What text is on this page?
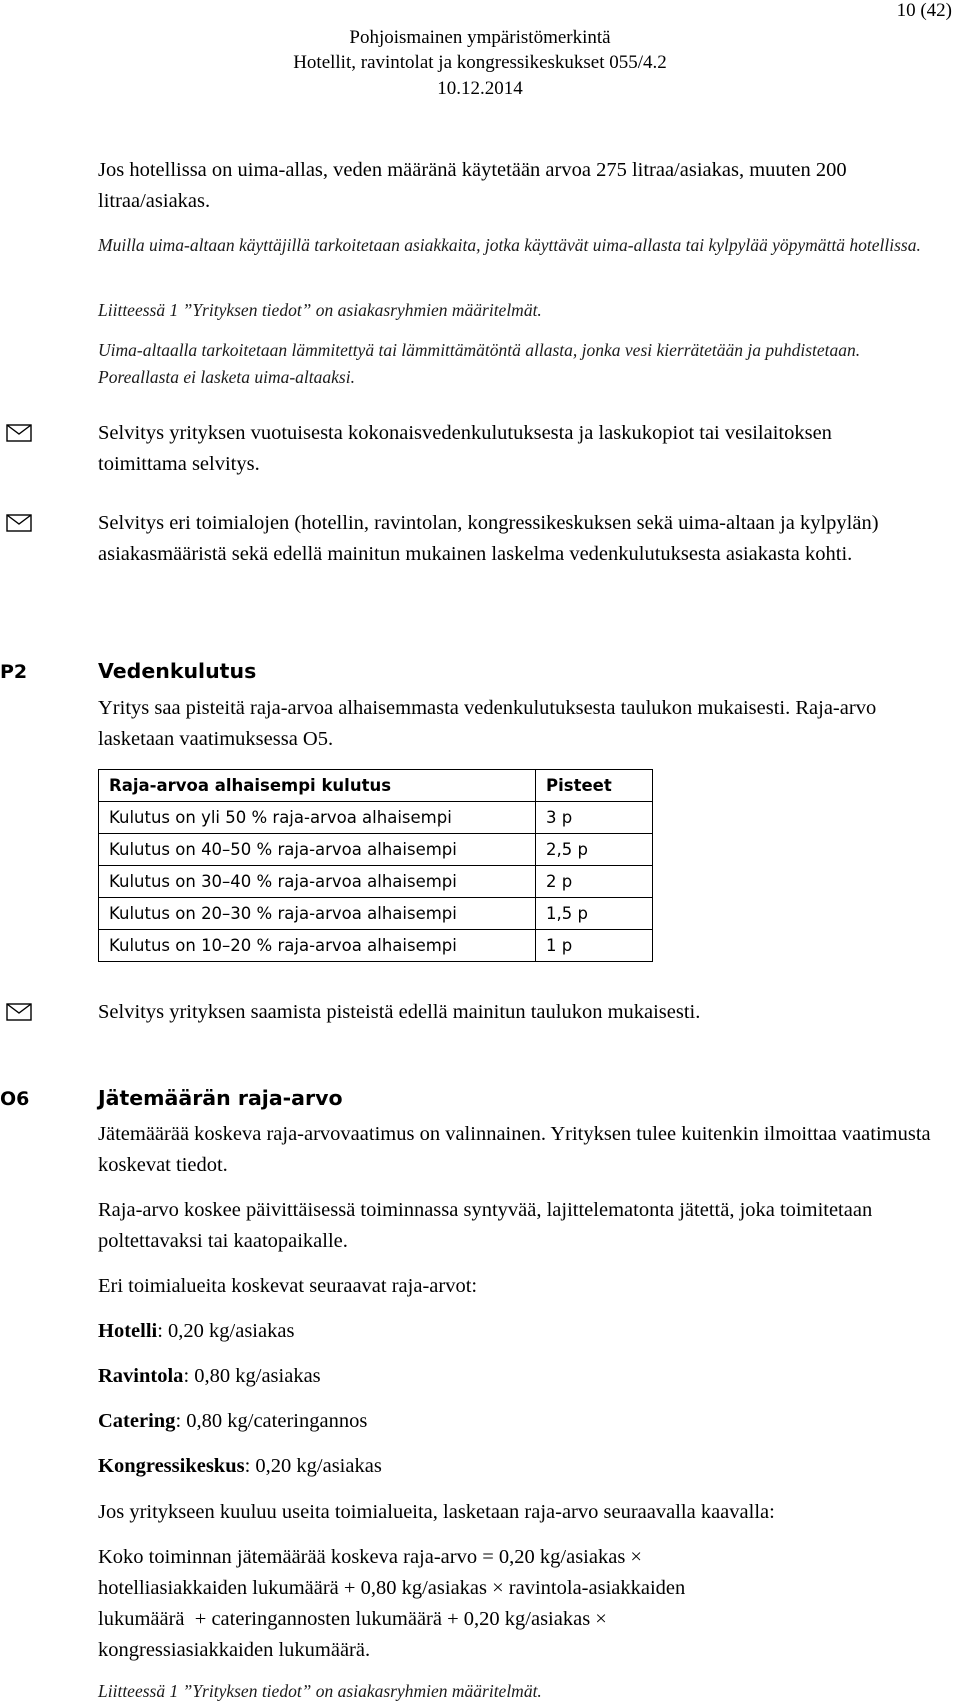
10 (42)
Pohjoismainen ympäristömerkintä
Hotellit, ravintolat ja kongressikeskukset 055/4.2
10.12.2014
Jos hotellissa on uima-allas, veden määränä käytetään arvoa 275 litraa/asiakas, muuten 200 litraa/asiakas.
Muilla uima-altaan käyttäjillä tarkoitetaan asiakkaita, jotka käyttävät uima-allasta tai kylpylää yöpymättä hotellissa.
Liitteessä 1 ”Yrityksen tiedot” on asiakasryhmien määritelmät.
Uima-altaalla tarkoitetaan lämmitettyä tai lämmittämätöntä allasta, jonka vesi kierrätetään ja puhdistetaan. Poreallasta ei lasketa uima-altaaksi.
Selvitys yrityksen vuotuisesta kokonaisvedenkulutuksesta ja laskukopiot tai vesilaitoksen toimittama selvitys.
Selvitys eri toimialojen (hotellin, ravintolan, kongressikeskuksen sekä uima-altaan ja kylpylän) asiakasmääristä sekä edellä mainitun mukainen laskelma vedenkulutuksesta asiakasta kohti.
P2	Vedenkulutus
Yritys saa pisteitä raja-arvoa alhaisemmasta vedenkulutuksesta taulukon mukaisesti. Raja-arvo lasketaan vaatimuksessa O5.
Raja-arvoa alhaisempi kulutus	Pisteet
Kulutus on yli 50 % raja-arvoa alhaisempi	3 p
Kulutus on 40–50 % raja-arvoa alhaisempi	2,5 p
Kulutus on 30–40 % raja-arvoa alhaisempi	2 p
Kulutus on 20–30 % raja-arvoa alhaisempi	1,5 p
Kulutus on 10–20 % raja-arvoa alhaisempi	1 p
Selvitys yrityksen saamista pisteistä edellä mainitun taulukon mukaisesti.
O6	Jätemäärän raja-arvo
Jätemäärää koskeva raja-arvovaatimus on valinnainen. Yrityksen tulee kuitenkin ilmoittaa vaatimusta koskevat tiedot.
Raja-arvo koskee päivittäisessä toiminnassa syntyvää, lajittelematonta jätettä, joka toimitetaan poltettavaksi tai kaatopaikalle.
Eri toimialueita koskevat seuraavat raja-arvot:
Hotelli: 0,20 kg/asiakas
Ravintola: 0,80 kg/asiakas
Catering: 0,80 kg/cateringannos
Kongressikeskus: 0,20 kg/asiakas
Jos yritykseen kuuluu useita toimialueita, lasketaan raja-arvo seuraavalla kaavalla:
Koko toiminnan jätemäärää koskeva raja-arvo = 0,20 kg/asiakas ×
hotelliasiakkaiden lukumäärä + 0,80 kg/asiakas × ravintola-asiakkaiden
lukumäärä  + cateringannosten lukumäärä + 0,20 kg/asiakas ×
kongressiasiakkaiden lukumäärä.
Liitteessä 1 ”Yrityksen tiedot” on asiakasryhmien määritelmät.
